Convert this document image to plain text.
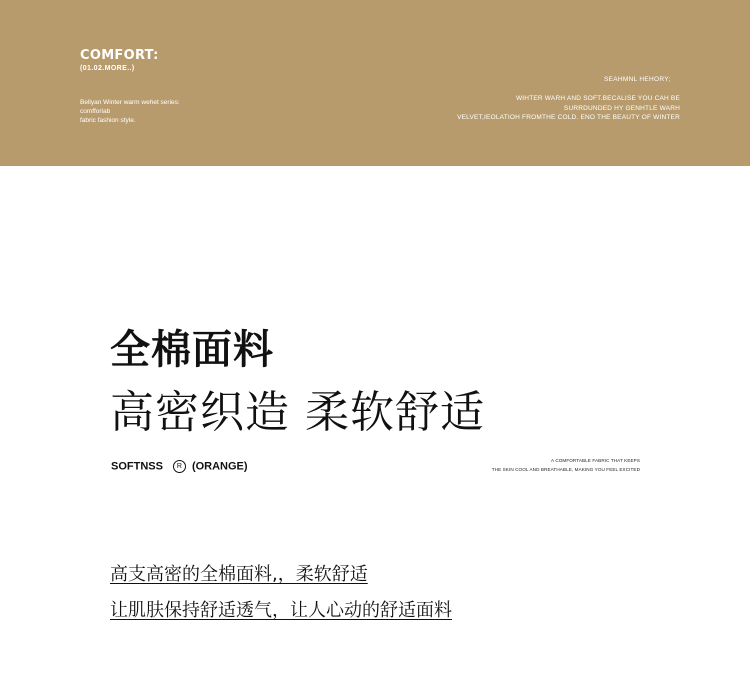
COMFORT:
(01.02.MORE..)
Bellyan Winter warm wehet series:
comfforlab
fabric fashion style.
SEAHMNL HEHORY;
WIHTER WARH AND SOFT.BECALISE YOU CAH BE
SURRDUNDED HY GENHTLE WARH
VELVET,IEOLATIOH FROMTHE COLD. ENO THE BEAUTY OF WINTER
全棉面料
高密织造 柔软舒适
SOFTNSS R (ORANGE)	A COMFORTABLE FABRIC THAT KEEPS
THE SKIN COOL AND BREATHABLE, MAKING YOU FEEL EXCITED
高支高密的全棉面料,，柔软舒适
让肌肤保持舒适透气，让人心动的舒适面料
